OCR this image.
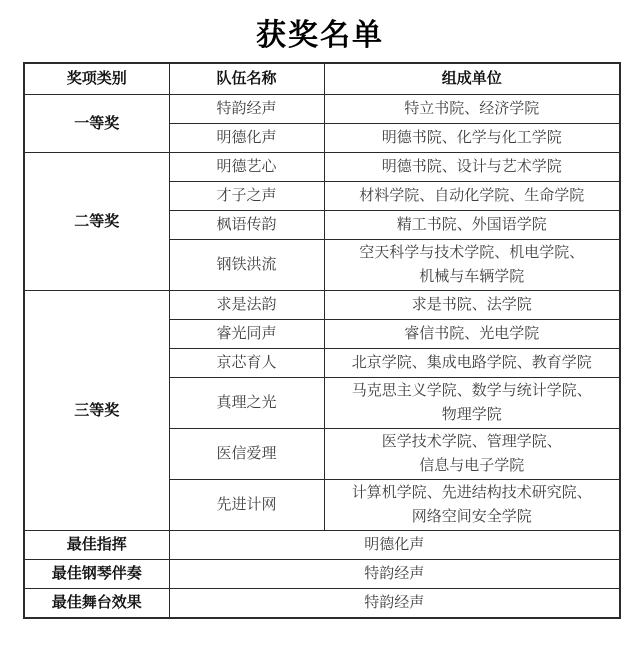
获奖名单
奖项类别	队伍名称	组成单位
一等奖	特韵经声	特立书院、经济学院
	明德化声	明德书院、化学与化工学院
二等奖	明德艺心	明德书院、设计与艺术学院
	才子之声	材料学院、自动化学院、生命学院
	枫语传韵	精工书院、外国语学院
	钢铁洪流	空天科学与技术学院、机电学院、
机械与车辆学院

三等奖	求是法韵	求是书院、法学院
	睿光同声	睿信书院、光电学院
	京芯育人	北京学院、集成电路学院、教育学院
	真理之光	马克思主义学院、数学与统计学院、
物理学院

	医信爱理	医学技术学院、管理学院、
信息与电子学院

	先进计网	计算机学院、先进结构技术研究院、
网络空间安全学院

最佳指挥	明德化声	
最佳钢琴伴奏	特韵经声	
最佳舞台效果	特韵经声	
